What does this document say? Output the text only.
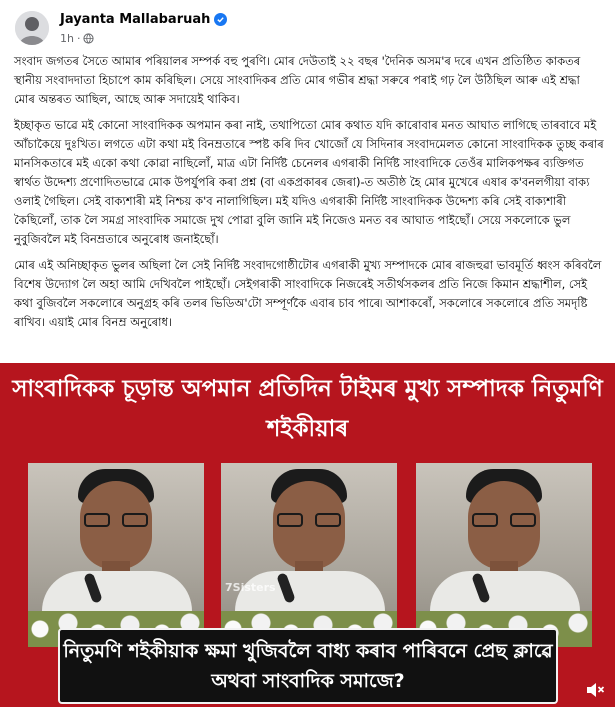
Jayanta Mallabaruah
1h ·

সংবাদ জগতৰ সৈতে আমাৰ পৰিয়ালৰ সম্পৰ্ক বহু পুৰণি। মোৰ দেউতাই ২২ বছৰ 'দৈনিক অসম'ৰ দৰে এখন প্ৰতিষ্ঠিত কাকতৰ স্থানীয় সংবাদদাতা হিচাপে কাম কৰিছিল। সেয়ে সাংবাদিকৰ প্ৰতি মোৰ গভীৰ শ্ৰদ্ধা সৰুৰে পৰাই গঢ় লৈ উঠিছিল আৰু এই শ্ৰদ্ধা মোৰ অন্তৰত আছিল, আছে আৰু সদায়েই থাকিব।

ইচ্ছাকৃত ভাৱে মই কোনো সাংবাদিকক অপমান কৰা নাই, তথাপিতো মোৰ কথাত যদি কাৰোবাৰ মনত আঘাত লাগিছে তাৰবাবে মই আঁচাকৈয়ে দুঃখিত। লগতে এটা কথা মই বিনম্ৰতাৰে স্পষ্ট কৰি দিব খোজোঁ যে সিদিনাৰ সংবাদমেলত কোনো সাংবাদিকক তুচ্ছ কৰাৰ মানসিকতাৰে মই একো কথা কোৱা নাছিলোঁ, মাত্ৰ এটা নিৰ্দিষ্ট চেনেলৰ এগৰাকী নিৰ্দিষ্ট সাংবাদিকে তেওঁৰ মালিকপক্ষৰ ব্যক্তিগত স্বাৰ্থত উদ্দেশ্য প্ৰণোদিতভাৱে মোক উপৰ্যুপৰি কৰা প্ৰশ্ন (বা একপ্ৰকাৰৰ জেৰা)-ত অতীষ্ঠ হৈ মোৰ মুখেৰে এষাৰ ক'বনলগীয়া বাক্য ওলাই গৈছিল। সেই বাক্যশাৰী মই নিশ্চয় ক'ব নালাগিছিল। মই যদিও এগৰাকী নিৰ্দিষ্ট সাংবাদিকক উদ্দেশ্য কৰি সেই বাক্যশাৰী কৈছিলোঁ, তাক লৈ সমগ্ৰ সাংবাদিক সমাজে দুখ পোৱা বুলি জানি মই নিজেও মনত বৰ আঘাত পাইছোঁ। সেয়ে সকলোকে ভুল নুবুজিবলৈ মই বিনম্ৰতাৰে অনুৰোধ জনাইছোঁ।

মোৰ এই অনিচ্ছাকৃত ভুলৰ অছিলা লৈ সেই নিৰ্দিষ্ট সংবাদগোষ্ঠীটোৰ এগৰাকী মুখ্য সম্পাদকে মোৰ ৰাজহুৱা ভাবমূৰ্তি ধ্বংস কৰিবলৈ বিশেষ উদ্যোগ লৈ অহা আমি দেখিবলৈ পাইছোঁ। সেইগৰাকী সাংবাদিকে নিজৰেই সতীৰ্থসকলৰ প্ৰতি নিজে কিমান শ্ৰদ্ধাশীল, সেই কথা বুজিবলৈ সকলোৰে অনুগ্ৰহ কৰি তলৰ ভিডিঅ'টো সম্পূৰ্ণকৈ এবাৰ চাব পাৰে৷ আশাকৰোঁ, সকলোৰে সকলোৰে প্ৰতি সমদৃষ্টি ৰাখিব। এয়াই মোৰ বিনম্ৰ অনুৰোধ।

সাংবাদিকক চূড়ান্ত অপমান প্ৰতিদিন টাইমৰ মুখ্য সম্পাদক নিতুমণি শইকীয়াৰ
7Sisters
নিতুমণি শইকীয়াক ক্ষমা খুজিবলৈ বাধ্য কৰাব পাৰিবনে প্ৰেছ ক্লাৱে অথবা সাংবাদিক সমাজে?
